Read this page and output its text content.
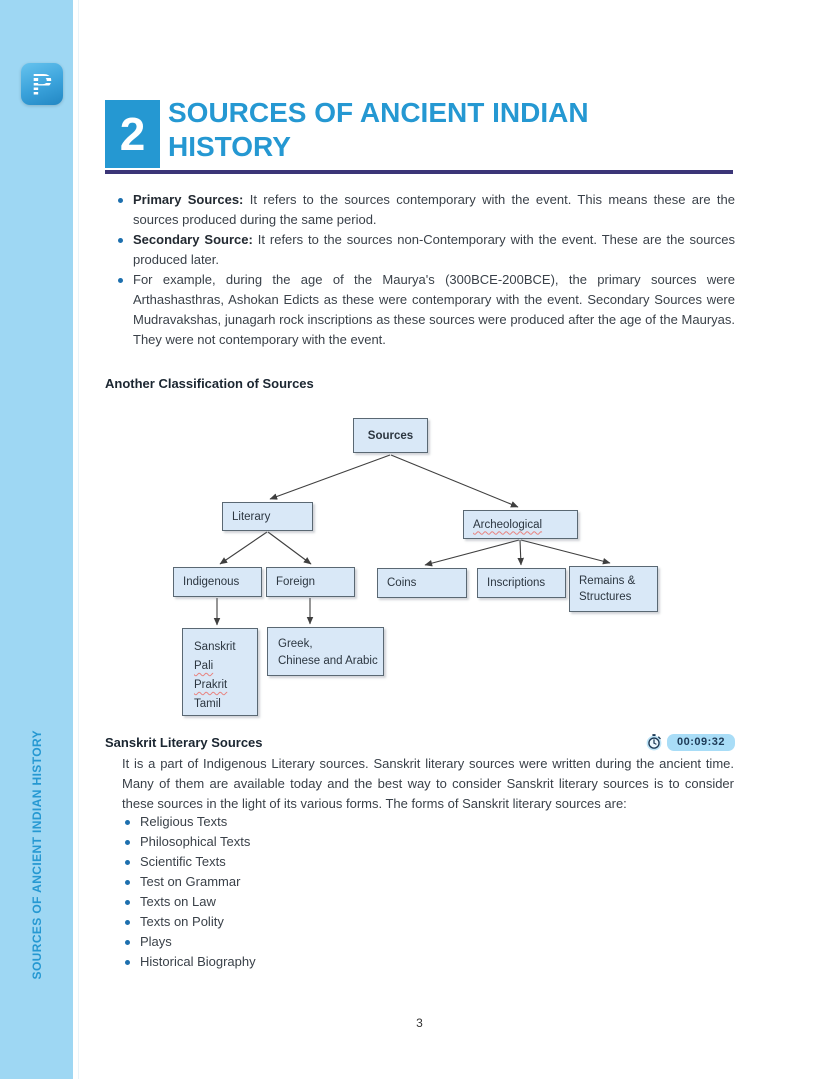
P
SOURCES OF ANCIENT INDIAN HISTORY
2 SOURCES OF ANCIENT INDIAN HISTORY
Primary Sources: It refers to the sources contemporary with the event. This means these are the sources produced during the same period.
Secondary Source: It refers to the sources non-Contemporary with the event. These are the sources produced later.
For example, during the age of the Maurya's (300BCE-200BCE), the primary sources were Arthashasthras, Ashokan Edicts as these were contemporary with the event. Secondary Sources were Mudravakshas, junagarh rock inscriptions as these sources were produced after the age of the Mauryas. They were not contemporary with the event.
Another Classification of Sources
Sources
Literary
Archeological
Indigenous	Foreign	Coins	Inscriptions	Remains & Structures
Sanskrit
Pali
Prakrit
Tamil
Greek,
Chinese and Arabic
Sanskrit Literary Sources	00:09:32

It is a part of Indigenous Literary sources. Sanskrit literary sources were written during the ancient time. Many of them are available today and the best way to consider Sanskrit literary sources is to consider these sources in the light of its various forms. The forms of Sanskrit literary sources are:

Religious Texts
Philosophical Texts
Scientific Texts
Test on Grammar
Texts on Law
Texts on Polity
Plays
Historical Biography
3
